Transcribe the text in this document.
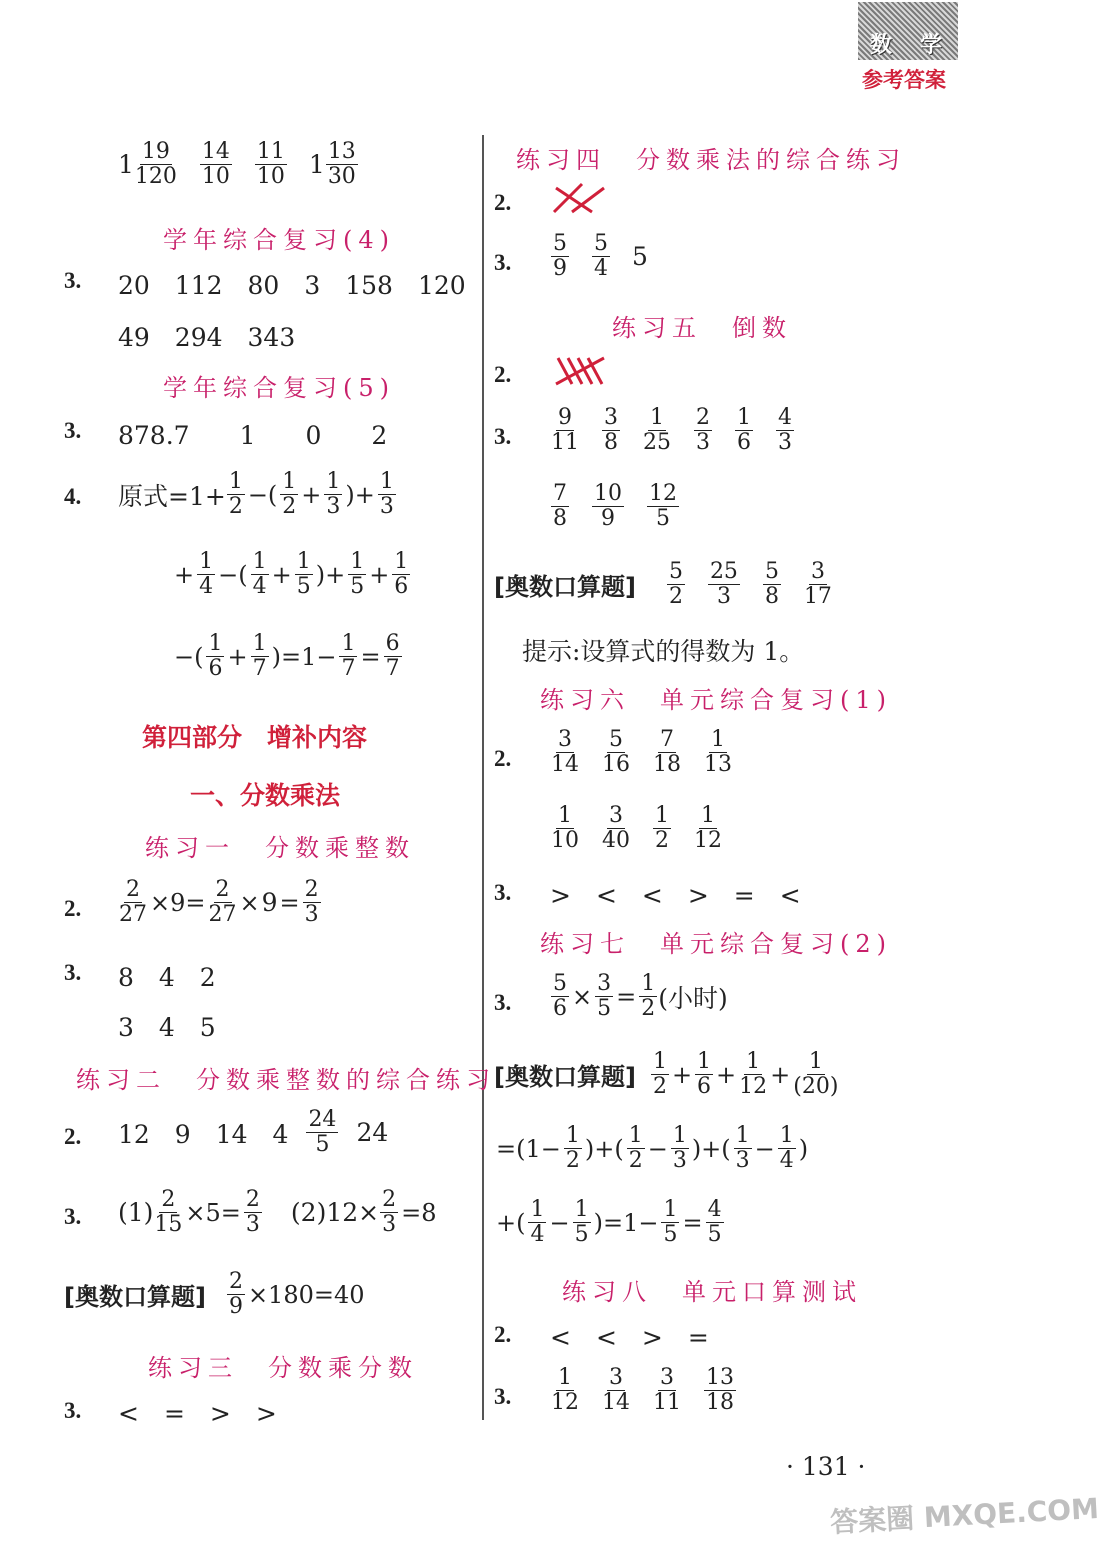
数 学
参考答案
1 19
120
14
10
11
10 1 13
30
学年综合复习(4)
3. 20　112　80　3　158　120
49　294　343
学年综合复习(5)
3. 878.7　　1　　0　　2
4. 原式$=1+ \frac{1}{2}$ −( 1
$2 + \frac{1}{3}$ )+ $\frac{1}{3}$
+ $\frac{1}{4}$ −( 1
$4 + \frac{1}{5}$ )+ $\frac{1}{5} + \frac{1}{6}$
−( 1
$6 + \frac{1}{7} )=1- \frac{1}{7} = \frac{6}{7}$
第四部分　增补内容
一、分数乘法
练习一　分数乘整数
2. $\frac{2}{27} \times 9= \frac{2}{27} \times 9 = \frac{2}{3}$
3. 8　4　2
3　4　5
练习二　分数乘整数的综合练习
2. 12　9　14　4 24
5 24
3. $(1) \frac{2}{15} \times 5= \frac{2}{3} (2)12\times \frac{2}{3} =8$
[奥数口算题] $\frac{2}{9} \times 180=40$
练习三　分数乘分数
3. <　=　>　>
练习四　分数乘法的综合练习
2.
3.
5
9
5
4 5
练习五　倒数
2.
3.
9
11
3
8
1
25
2
3
1
6
4
3
7
8
10
9
12
5
[奥数口算题]
5
2
25
3
5
8
3
17
提示:设算式的得数为 1。
练习六　单元综合复习(1)
2.
3
14
5
16
7
18
1
13
1
10
3
40
1
2
1
12
3. >　<　<　>　=　<
练习七　单元综合复习(2)
3. $\frac{5}{6} \times \frac{3}{5} = \frac{1}{2}$ (小时)
[奥数口算题]
1
$2 + \frac{1}{6} + \frac{1}{12} + \frac{1}{(20)}$
$=(1- \frac{1}{2}$ )+( 1
$2 - \frac{1}{3}$ )+( 1
$3 - \frac{1}{4}$ )
+( 1
$4 - \frac{1}{5} )=1- \frac{1}{5} = \frac{4}{5}$
练习八　单元口算测试
2. <　<　>　=
3.
1
12
3
14
3
11
13
18
· 131 ·
答案圈 MXQE.COM
